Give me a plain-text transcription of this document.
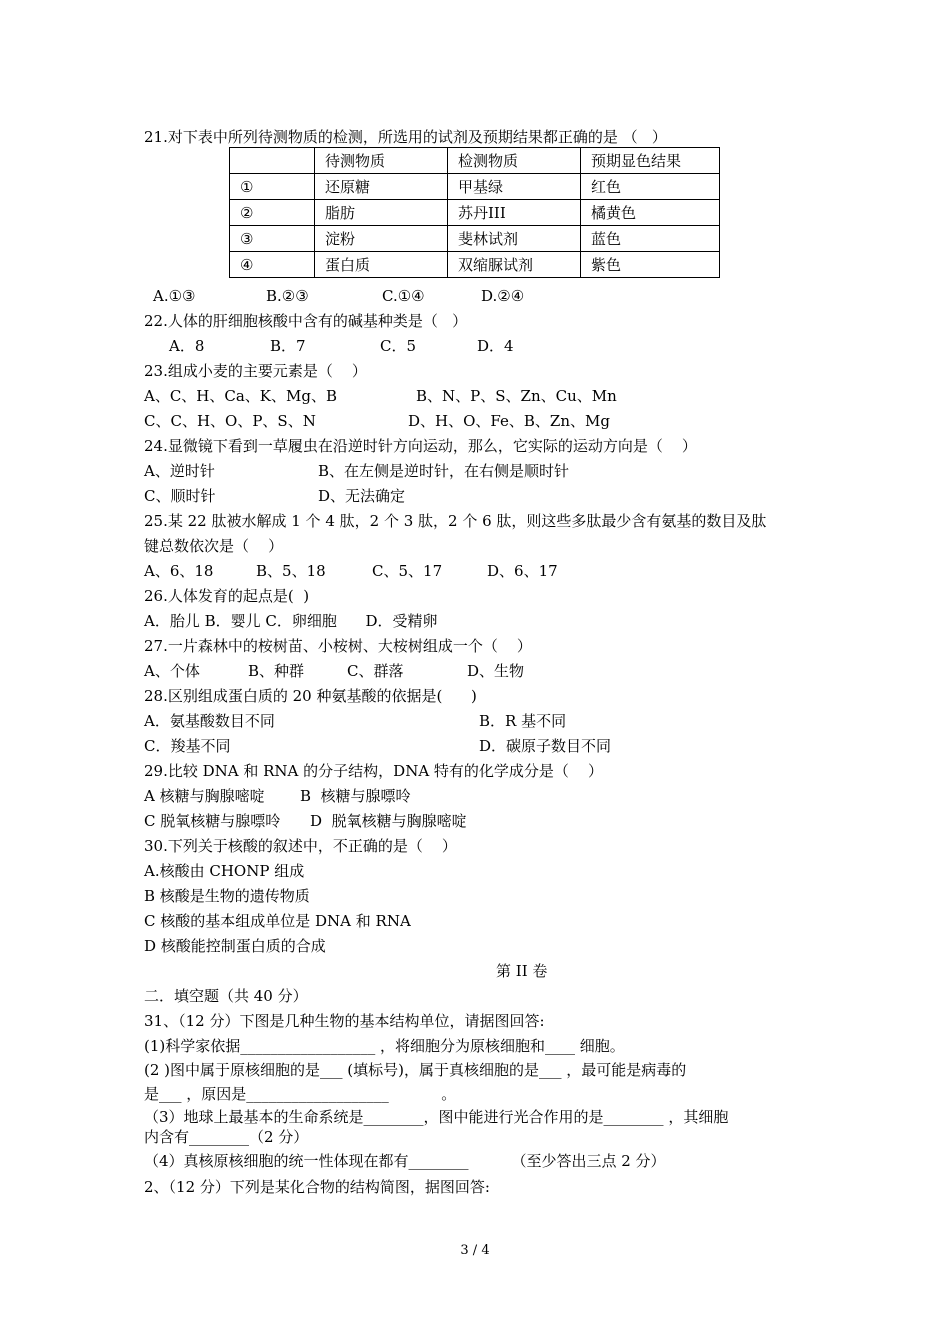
21.对下表中所列待测物质的检测，所选用的试剂及预期结果都正确的是 （   ）
	待测物质	检测物质	预期显色结果
①	还原糖	甲基绿	红色
②	脂肪	苏丹III	橘黄色
③	淀粉	斐林试剂	蓝色
④	蛋白质	双缩脲试剂	紫色
A.①③	B.②③	C.①④	D.②④
22.人体的肝细胞核酸中含有的碱基种类是（   ）
A．8	B．7	C．5	D．4
23.组成小麦的主要元素是（    ）
A、C、H、Ca、K、Mg、B	B、N、P、S、Zn、Cu、Mn
C、C、H、O、P、S、N	D、H、O、Fe、B、Zn、Mg
24.显微镜下看到一草履虫在沿逆时针方向运动，那么，它实际的运动方向是（    ）
A、逆时针	B、在左侧是逆时针，在右侧是顺时针
C、顺时针	D、无法确定
25.某 22 肽被水解成 1 个 4 肽，2 个 3 肽，2 个 6 肽，则这些多肽最少含有氨基的数目及肽
键总数依次是（    ）
A、6、18	B、5、18	C、5、17	D、6、17
26.人体发育的起点是(  )
A．胎儿 B．婴儿 C．卵细胞      D．受精卵
27.一片森林中的桉树苗、小桉树、大桉树组成一个（    ）
A、个体	B、种群	C、群落	D、生物
28.区别组成蛋白质的 20 种氨基酸的依据是(      )
A．氨基酸数目不同	B．R 基不同
C．羧基不同	D．碳原子数目不同
29.比较 DNA 和 RNA 的分子结构，DNA 特有的化学成分是（    ）
A 核糖与胸腺嘧啶 B  核糖与腺嘌呤
C 脱氧核糖与腺嘌呤 D  脱氧核糖与胸腺嘧啶
30.下列关于核酸的叙述中，不正确的是（    ）
A.核酸由 CHONP 组成
B 核酸是生物的遗传物质
C 核酸的基本组成单位是 DNA 和 RNA
D 核酸能控制蛋白质的合成
第 II 卷
二．填空题（共 40 分）
31、（12 分）下图是几种生物的基本结构单位，请据图回答:
(1)科学家依据__________________ ，将细胞分为原核细胞和____ 细胞。
(2 )图中属于原核细胞的是___ (填标号)，属于真核细胞的是___ ，最可能是病毒的
是___ ，原因是___________________           。
（3）地球上最基本的生命系统是________，图中能进行光合作用的是________ ，其细胞
内含有________（2 分）
（4）真核原核细胞的统一性体现在都有________         （至少答出三点 2 分）
2、（12 分）下列是某化合物的结构简图，据图回答:
3 / 4
